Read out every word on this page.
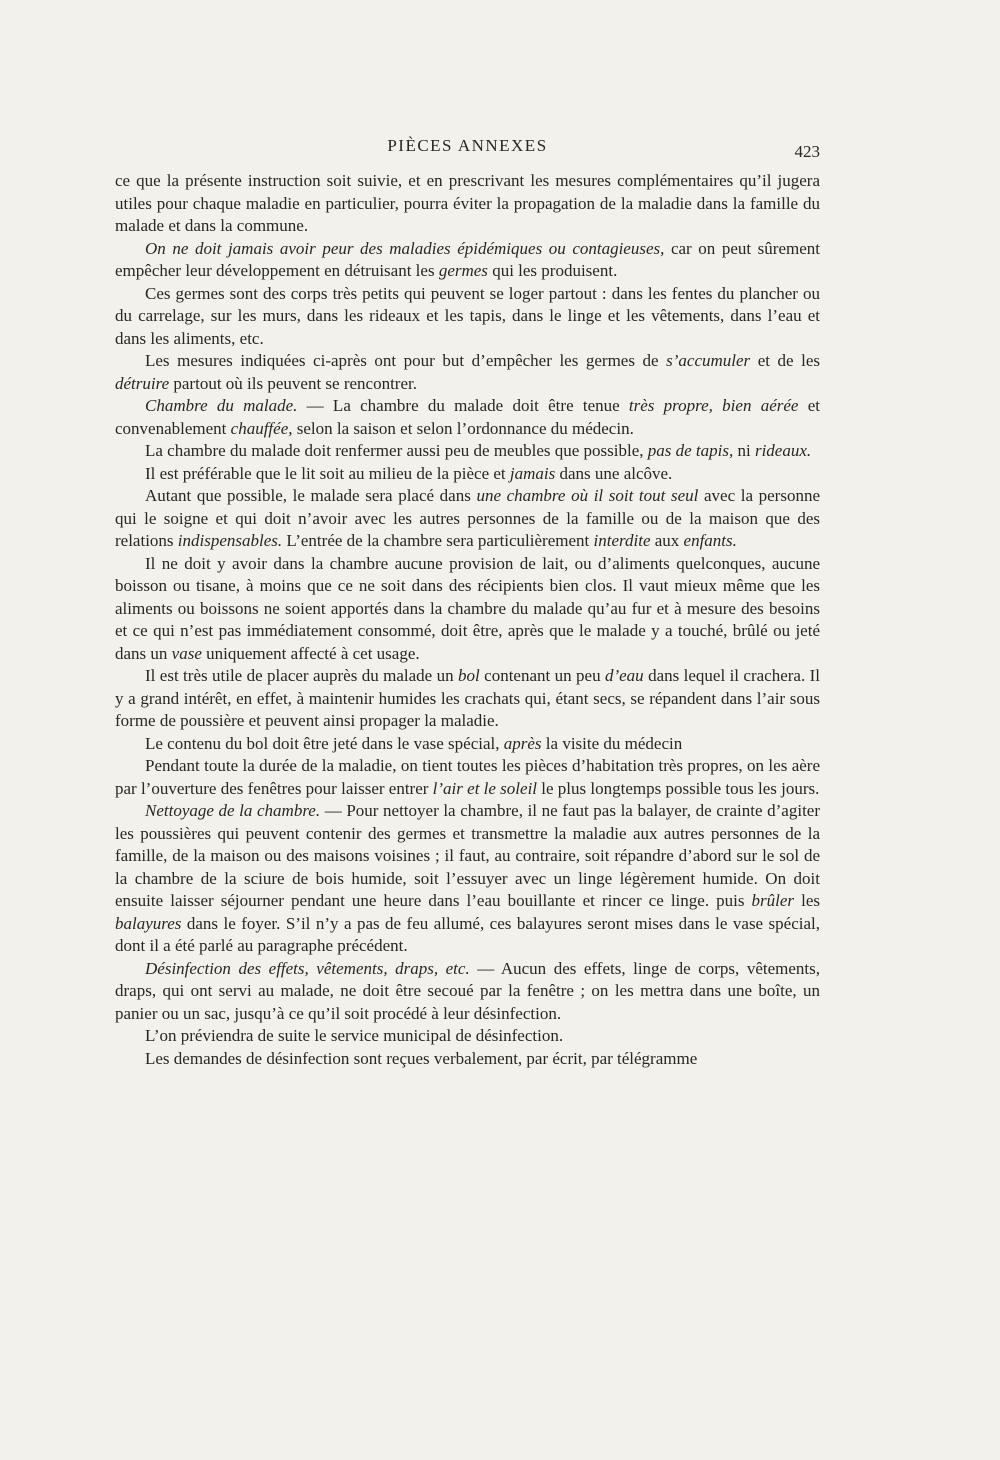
PIÈCES ANNEXES	423

ce que la présente instruction soit suivie, et en prescrivant les mesures complémentaires qu’il jugera utiles pour chaque maladie en particulier, pourra éviter la propagation de la maladie dans la famille du malade et dans la commune.

On ne doit jamais avoir peur des maladies épidémiques ou contagieuses, car on peut sûrement empêcher leur développement en détruisant les germes qui les produisent.

Ces germes sont des corps très petits qui peuvent se loger partout : dans les fentes du plancher ou du carrelage, sur les murs, dans les rideaux et les tapis, dans le linge et les vêtements, dans l’eau et dans les aliments, etc.

Les mesures indiquées ci-après ont pour but d’empêcher les germes de s’accumuler et de les détruire partout où ils peuvent se rencontrer.

Chambre du malade. — La chambre du malade doit être tenue très propre, bien aérée et convenablement chauffée, selon la saison et selon l’ordonnance du médecin.

La chambre du malade doit renfermer aussi peu de meubles que possible, pas de tapis, ni rideaux.

Il est préférable que le lit soit au milieu de la pièce et jamais dans une alcôve.

Autant que possible, le malade sera placé dans une chambre où il soit tout seul avec la personne qui le soigne et qui doit n’avoir avec les autres personnes de la famille ou de la maison que des relations indispensables. L’entrée de la chambre sera particulièrement interdite aux enfants.

Il ne doit y avoir dans la chambre aucune provision de lait, ou d’aliments quelconques, aucune boisson ou tisane, à moins que ce ne soit dans des récipients bien clos. Il vaut mieux même que les aliments ou boissons ne soient apportés dans la chambre du malade qu’au fur et à mesure des besoins et ce qui n’est pas immédiatement consommé, doit être, après que le malade y a touché, brûlé ou jeté dans un vase uniquement affecté à cet usage.

Il est très utile de placer auprès du malade un bol contenant un peu d’eau dans lequel il crachera. Il y a grand intérêt, en effet, à maintenir humides les crachats qui, étant secs, se répandent dans l’air sous forme de poussière et peuvent ainsi propager la maladie.

Le contenu du bol doit être jeté dans le vase spécial, après la visite du médecin

Pendant toute la durée de la maladie, on tient toutes les pièces d’habitation très propres, on les aère par l’ouverture des fenêtres pour laisser entrer l’air et le soleil le plus longtemps possible tous les jours.

Nettoyage de la chambre. — Pour nettoyer la chambre, il ne faut pas la balayer, de crainte d’agiter les poussières qui peuvent contenir des germes et transmettre la maladie aux autres personnes de la famille, de la maison ou des maisons voisines ; il faut, au contraire, soit répandre d’abord sur le sol de la chambre de la sciure de bois humide, soit l’essuyer avec un linge légèrement humide. On doit ensuite laisser séjourner pendant une heure dans l’eau bouillante et rincer ce linge. puis brûler les balayures dans le foyer. S’il n’y a pas de feu allumé, ces balayures seront mises dans le vase spécial, dont il a été parlé au paragraphe précédent.

Désinfection des effets, vêtements, draps, etc. — Aucun des effets, linge de corps, vêtements, draps, qui ont servi au malade, ne doit être secoué par la fenêtre ; on les mettra dans une boîte, un panier ou un sac, jusqu’à ce qu’il soit procédé à leur désinfection.

L’on préviendra de suite le service municipal de désinfection.

Les demandes de désinfection sont reçues verbalement, par écrit, par télégramme
